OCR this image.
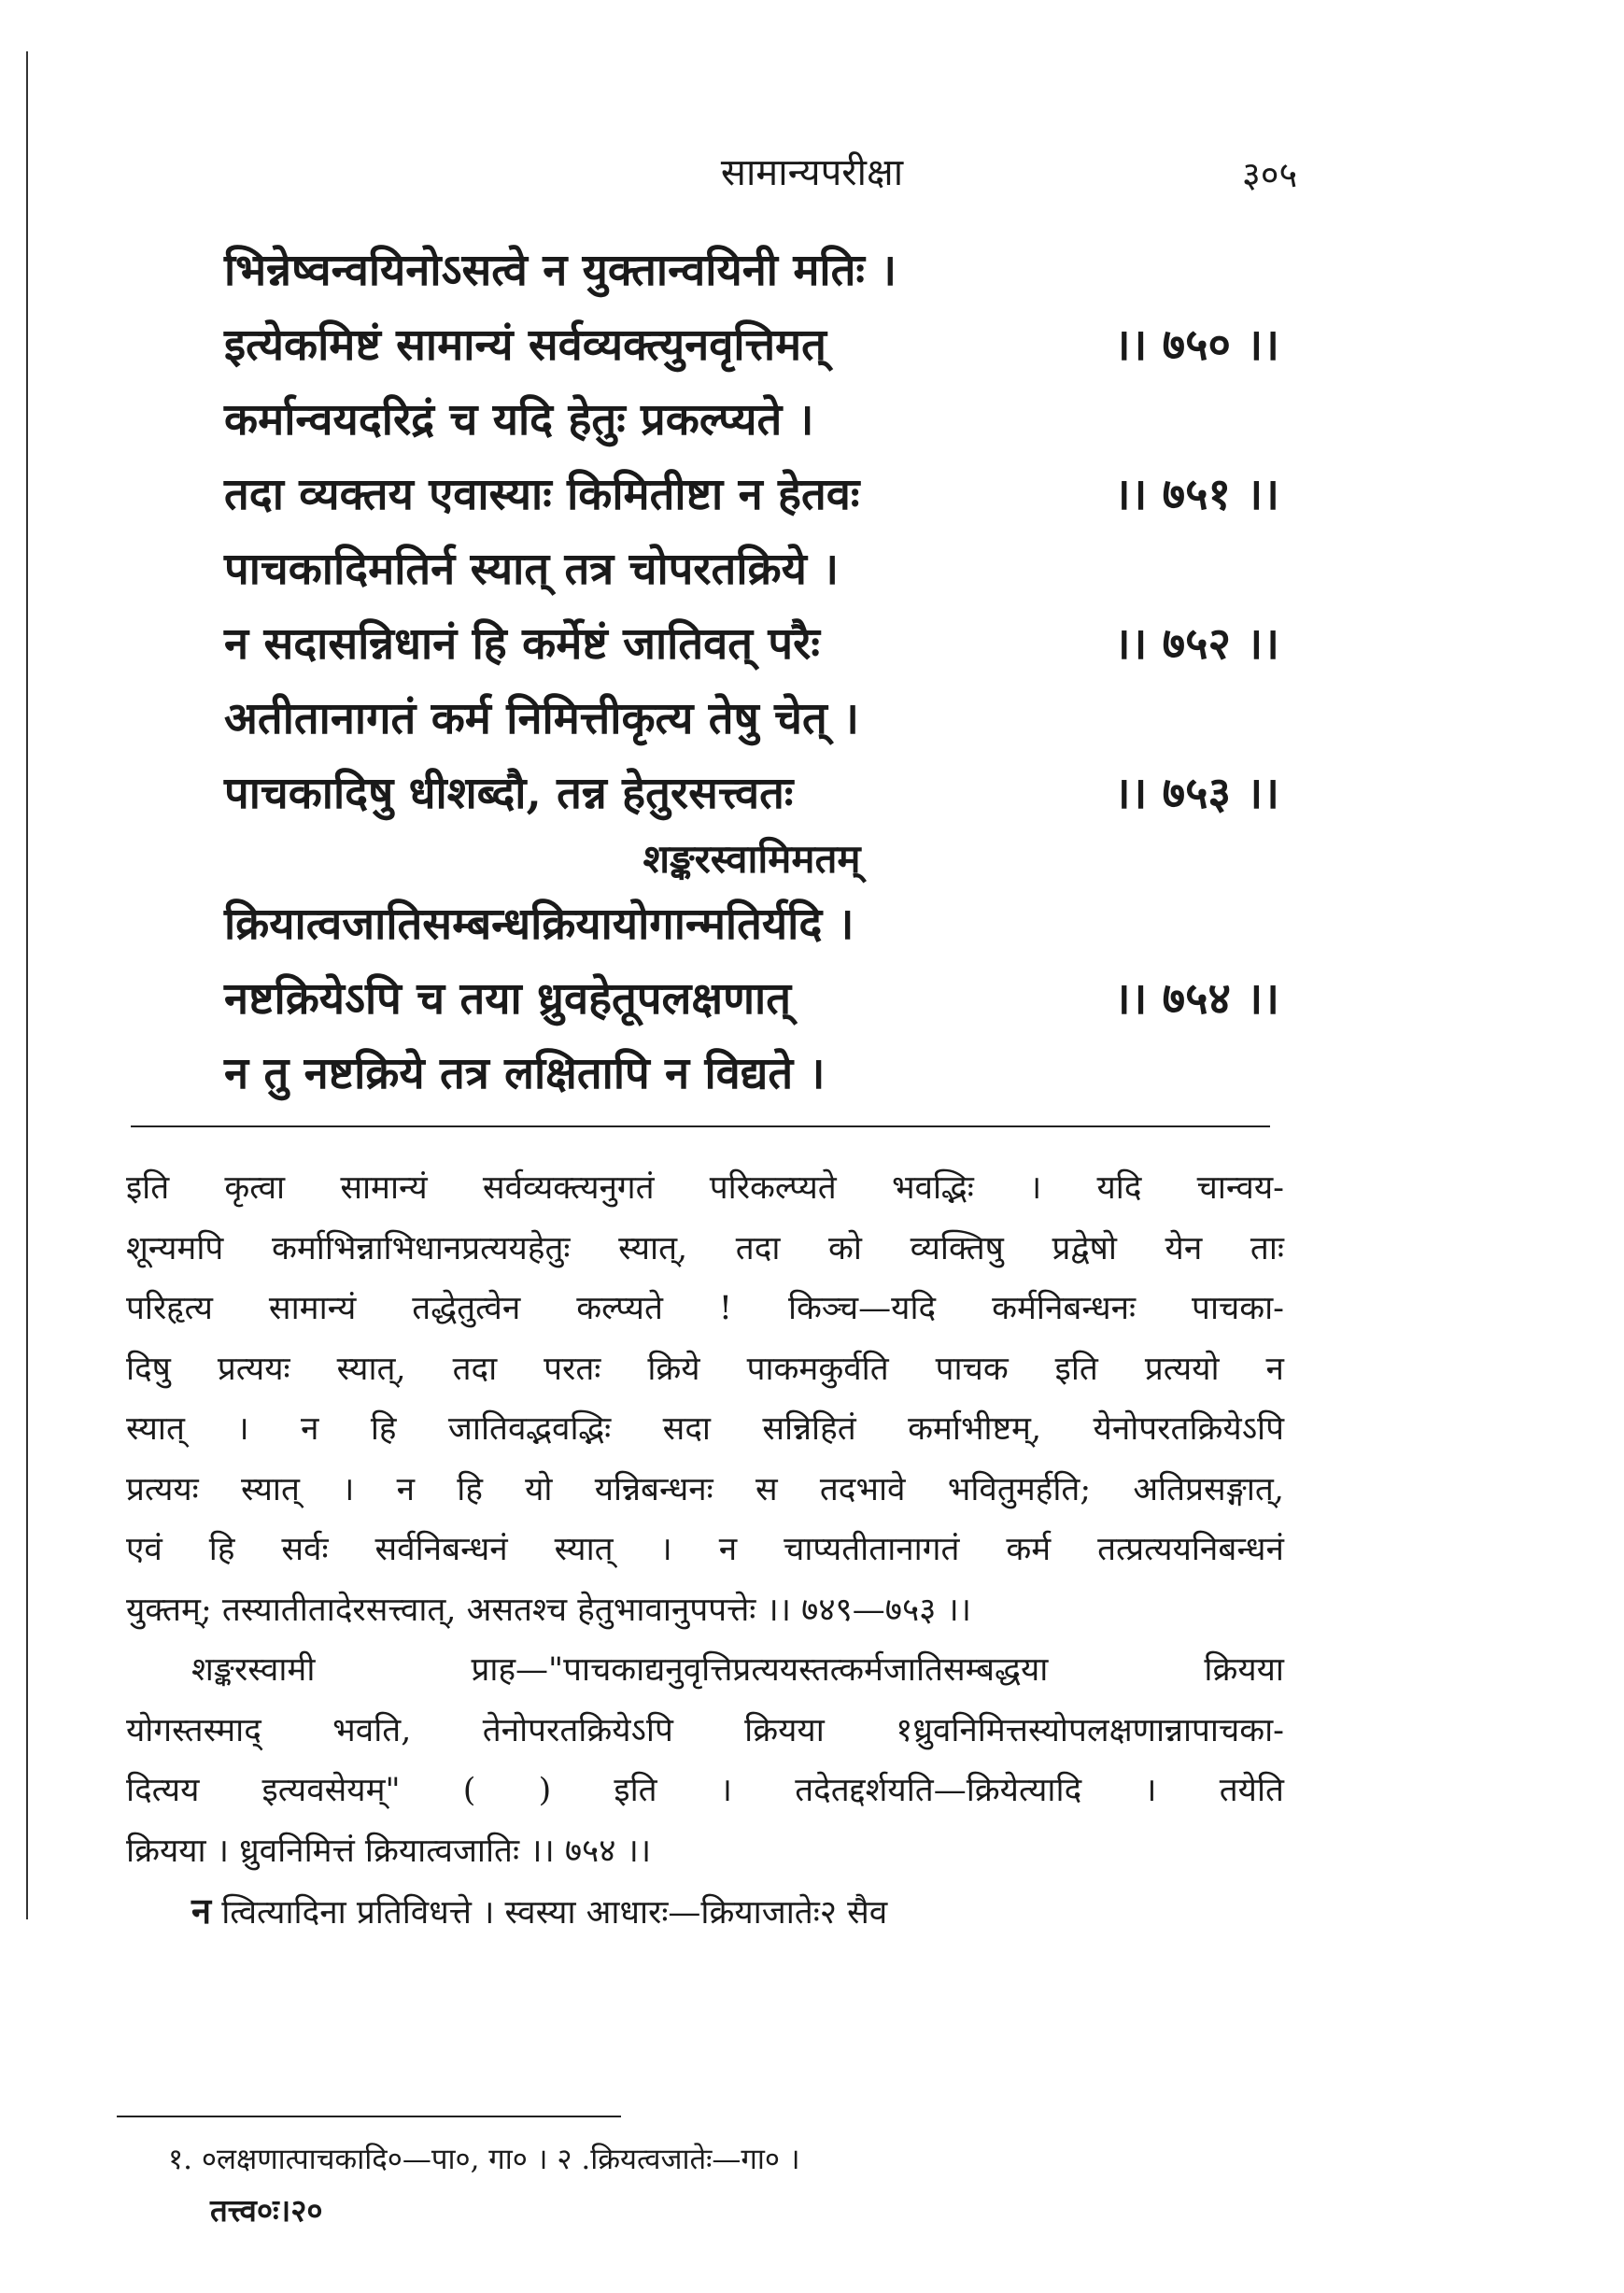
सामान्यपरीक्षा	३०५
भिन्नेष्वन्वयिनोऽसत्वे न युक्तान्वयिनी मतिः ।
इत्येकमिष्टं सामान्यं सर्वव्यक्त्युनवृत्तिमत्	।। ७५० ।।
कर्मान्वयदरिद्रं च यदि हेतुः प्रकल्प्यते ।
तदा व्यक्तय एवास्याः किमितीष्टा न हेतवः	।। ७५१ ।।
पाचकादिमतिर्न स्यात् तत्र चोपरतक्रिये ।
न सदासन्निधानं हि कर्मेष्टं जातिवत् परैः	।। ७५२ ।।
अतीतानागतं कर्म निमित्तीकृत्य तेषु चेत् ।
पाचकादिषु धीशब्दौ, तन्न हेतुरसत्त्वतः	।। ७५३ ।।
शङ्करस्वामिमतम्
क्रियात्वजातिसम्बन्धक्रियायोगान्मतिर्यदि ।
नष्टक्रियेऽपि च तया ध्रुवहेतूपलक्षणात्	।। ७५४ ।।
न तु नष्टक्रिये तत्र लक्षितापि न विद्यते ।
इति कृत्वा सामान्यं सर्वव्यक्त्यनुगतं परिकल्प्यते भवद्भिः । यदि चान्वय-
शून्यमपि कर्माभिन्नाभिधानप्रत्ययहेतुः स्यात्, तदा को व्यक्तिषु प्रद्वेषो येन ताः
परिहृत्य सामान्यं तद्धेतुत्वेन कल्प्यते ! किञ्च—यदि कर्मनिबन्धनः पाचका-
दिषु प्रत्ययः स्यात्, तदा परतः क्रिये पाकमकुर्वति पाचक इति प्रत्ययो न
स्यात् । न हि जातिवद्भवद्भिः सदा सन्निहितं कर्माभीष्टम्, येनोपरतक्रियेऽपि
प्रत्ययः स्यात् । न हि यो यन्निबन्धनः स तदभावे भवितुमर्हति; अतिप्रसङ्गात्,
एवं हि सर्वः सर्वनिबन्धनं स्यात् । न चाप्यतीतानागतं कर्म तत्प्रत्ययनिबन्धनं
युक्तम्; तस्यातीतादेरसत्त्वात्, असतश्च हेतुभावानुपपत्तेः ।। ७४९—७५३ ।।
शङ्करस्वामी प्राह—"पाचकाद्यनुवृत्तिप्रत्ययस्तत्कर्मजातिसम्बद्धया क्रियया
योगस्तस्माद् भवति, तेनोपरतक्रियेऽपि क्रियया १ध्रुवनिमित्तस्योपलक्षणान्नापाचका-
दित्यय इत्यवसेयम्" ( ) इति । तदेतद्दर्शयति—क्रियेत्यादि । तयेति
क्रियया । ध्रुवनिमित्तं क्रियात्वजातिः ।। ७५४ ।।
न त्वित्यादिना प्रतिविधत्ते । स्वस्या आधारः—क्रियाजातेः२ सैव
१. ०लक्षणात्पाचकादि०—पा०, गा० । २ .क्रियत्वजातेः—गा० ।
तत्त्व०ः।२०
